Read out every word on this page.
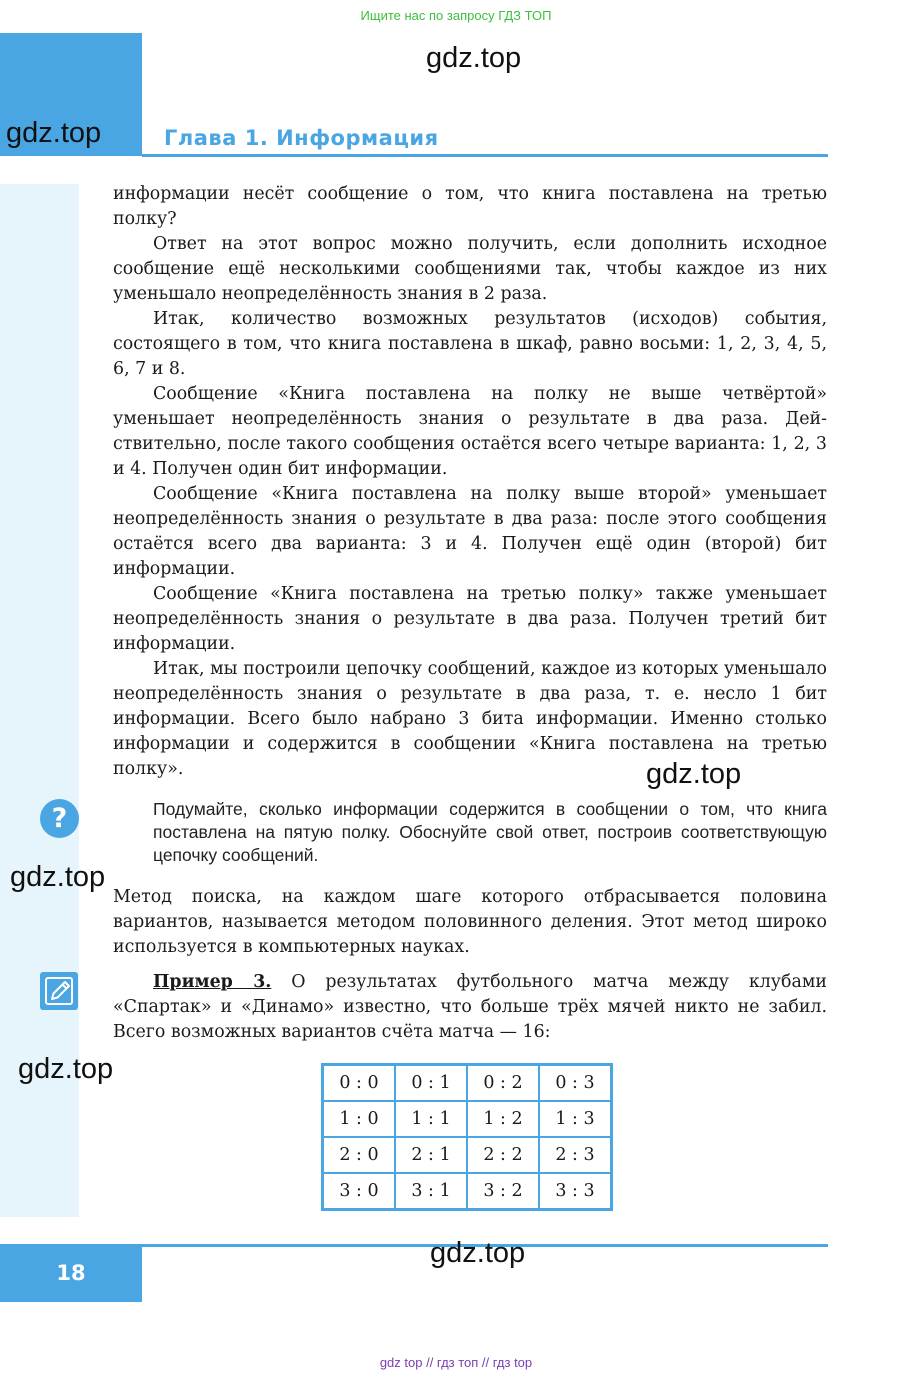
Ищите нас по запросу ГДЗ ТОП
Глава 1. Информация

информации несёт сообщение о том, что книга поставлена на третью полку?

Ответ на этот вопрос можно получить, если дополнить исходное сообщение ещё несколькими сообщениями так, чтобы каждое из них уменьшало неопределённость знания в 2 раза.

Итак, количество возможных результатов (исходов) события, состоящего в том, что книга поставлена в шкаф, равно восьми: 1, 2, 3, 4, 5, 6, 7 и 8.

Сообщение «Книга поставлена на полку не выше четвёртой» уменьшает неопределённость знания о результате в два раза. Действительно, после такого сообщения остаётся всего четыре варианта: 1, 2, 3 и 4. Получен один бит информации.

Сообщение «Книга поставлена на полку выше второй» уменьшает неопределённость знания о результате в два раза: после этого сообщения остаётся всего два варианта: 3 и 4. Получен ещё один (второй) бит информации.

Сообщение «Книга поставлена на третью полку» также уменьшает неопределённость знания о результате в два раза. Получен третий бит информации.

Итак, мы построили цепочку сообщений, каждое из которых уменьшало неопределённость знания о результате в два раза, т. е. несло 1 бит информации. Всего было набрано 3 бита информации. Именно столько информации и содержится в сообщении «Книга поставлена на третью полку».

?	Подумайте, сколько информации содержится в сообщении о том, что книга поставлена на пятую полку. Обоснуйте свой ответ, построив соответствующую цепочку сообщений.

Метод поиска, на каждом шаге которого отбрасывается половина вариантов, называется методом половинного деления. Этот метод широко используется в компьютерных науках.

Пример 3. О результатах футбольного матча между клубами «Спартак» и «Динамо» известно, что больше трёх мячей никто не забил. Всего возможных вариантов счёта матча — 16:

0 : 0	0 : 1	0 : 2	0 : 3
1 : 0	1 : 1	1 : 2	1 : 3
2 : 0	2 : 1	2 : 2	2 : 3
3 : 0	3 : 1	3 : 2	3 : 3
18
gdz.top
gdz.top
gdz.top
gdz.top
gdz.top
gdz.top
gdz top // гдз топ // гдз top
